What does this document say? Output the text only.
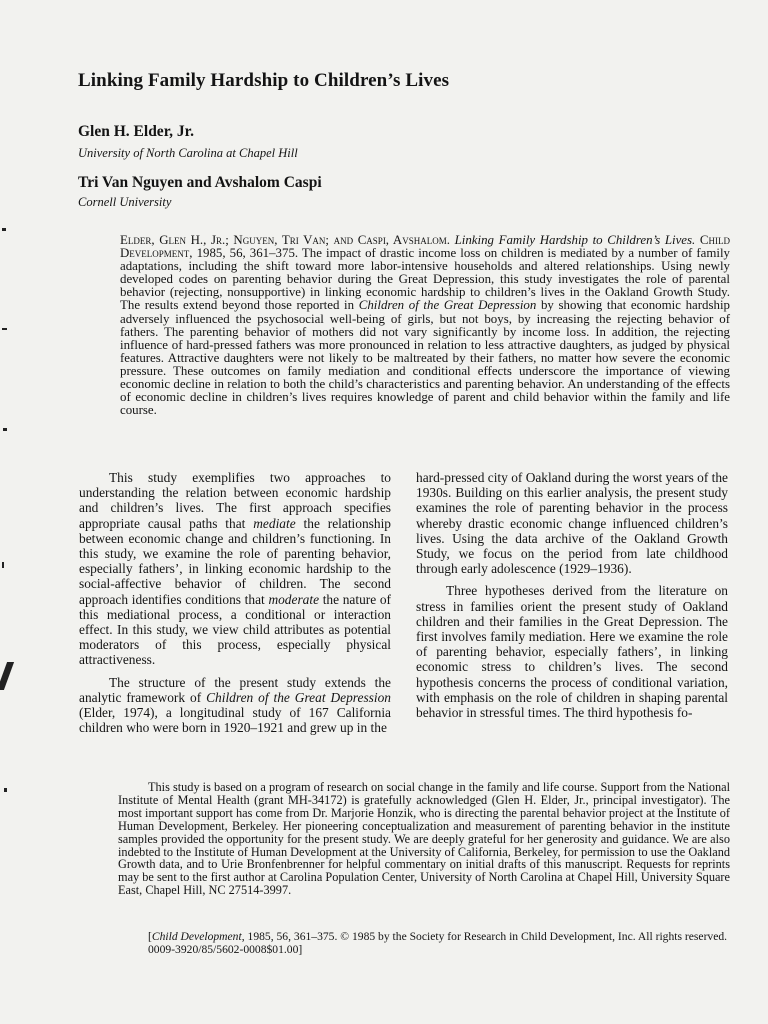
Linking Family Hardship to Children’s Lives
Glen H. Elder, Jr.
University of North Carolina at Chapel Hill
Tri Van Nguyen and Avshalom Caspi
Cornell University
Elder, Glen H., Jr.; Nguyen, Tri Van; and Caspi, Avshalom. Linking Family Hardship to Children’s Lives. Child Development, 1985, 56, 361–375. The impact of drastic income loss on children is mediated by a number of family adaptations, including the shift toward more labor-intensive households and altered relationships. Using newly developed codes on parenting behavior during the Great Depression, this study investigates the role of parental behavior (rejecting, nonsupportive) in linking economic hardship to children’s lives in the Oakland Growth Study. The results extend beyond those reported in Children of the Great Depression by showing that economic hardship adversely influenced the psychosocial well-being of girls, but not boys, by increasing the rejecting behavior of fathers. The parenting behavior of mothers did not vary significantly by income loss. In addition, the rejecting influence of hard-pressed fathers was more pronounced in relation to less attractive daughters, as judged by physical features. Attractive daughters were not likely to be maltreated by their fathers, no matter how severe the economic pressure. These outcomes on family mediation and conditional effects underscore the importance of viewing economic decline in relation to both the child’s characteristics and parenting behavior. An understanding of the effects of economic decline in children’s lives requires knowledge of parent and child behavior within the family and life course.

This study exemplifies two approaches to understanding the relation between economic hardship and children’s lives. The first approach specifies appropriate causal paths that mediate the relationship between economic change and children’s functioning. In this study, we examine the role of parenting behavior, especially fathers’, in linking economic hardship to the social-affective behavior of children. The second approach identifies conditions that moderate the nature of this mediational process, a conditional or interaction effect. In this study, we view child attributes as potential moderators of this process, especially physical attractiveness.

The structure of the present study extends the analytic framework of Children of the Great Depression (Elder, 1974), a longitudinal study of 167 California children who were born in 1920–1921 and grew up in the

hard-pressed city of Oakland during the worst years of the 1930s. Building on this earlier analysis, the present study examines the role of parenting behavior in the process whereby drastic economic change influenced children’s lives. Using the data archive of the Oakland Growth Study, we focus on the period from late childhood through early adolescence (1929–1936).

Three hypotheses derived from the literature on stress in families orient the present study of Oakland children and their families in the Great Depression. The first involves family mediation. Here we examine the role of parenting behavior, especially fathers’, in linking economic stress to children’s lives. The second hypothesis concerns the process of conditional variation, with emphasis on the role of children in shaping parental behavior in stressful times. The third hypothesis fo-

This study is based on a program of research on social change in the family and life course. Support from the National Institute of Mental Health (grant MH-34172) is gratefully acknowledged (Glen H. Elder, Jr., principal investigator). The most important support has come from Dr. Marjorie Honzik, who is directing the parental behavior project at the Institute of Human Development, Berkeley. Her pioneering conceptualization and measurement of parenting behavior in the institute samples provided the opportunity for the present study. We are deeply grateful for her generosity and guidance. We are also indebted to the Institute of Human Development at the University of California, Berkeley, for permission to use the Oakland Growth data, and to Urie Bronfenbrenner for helpful commentary on initial drafts of this manuscript. Requests for reprints may be sent to the first author at Carolina Population Center, University of North Carolina at Chapel Hill, University Square East, Chapel Hill, NC 27514-3997.
[Child Development, 1985, 56, 361–375. © 1985 by the Society for Research in Child Development, Inc. All rights reserved. 0009-3920/85/5602-0008$01.00]
